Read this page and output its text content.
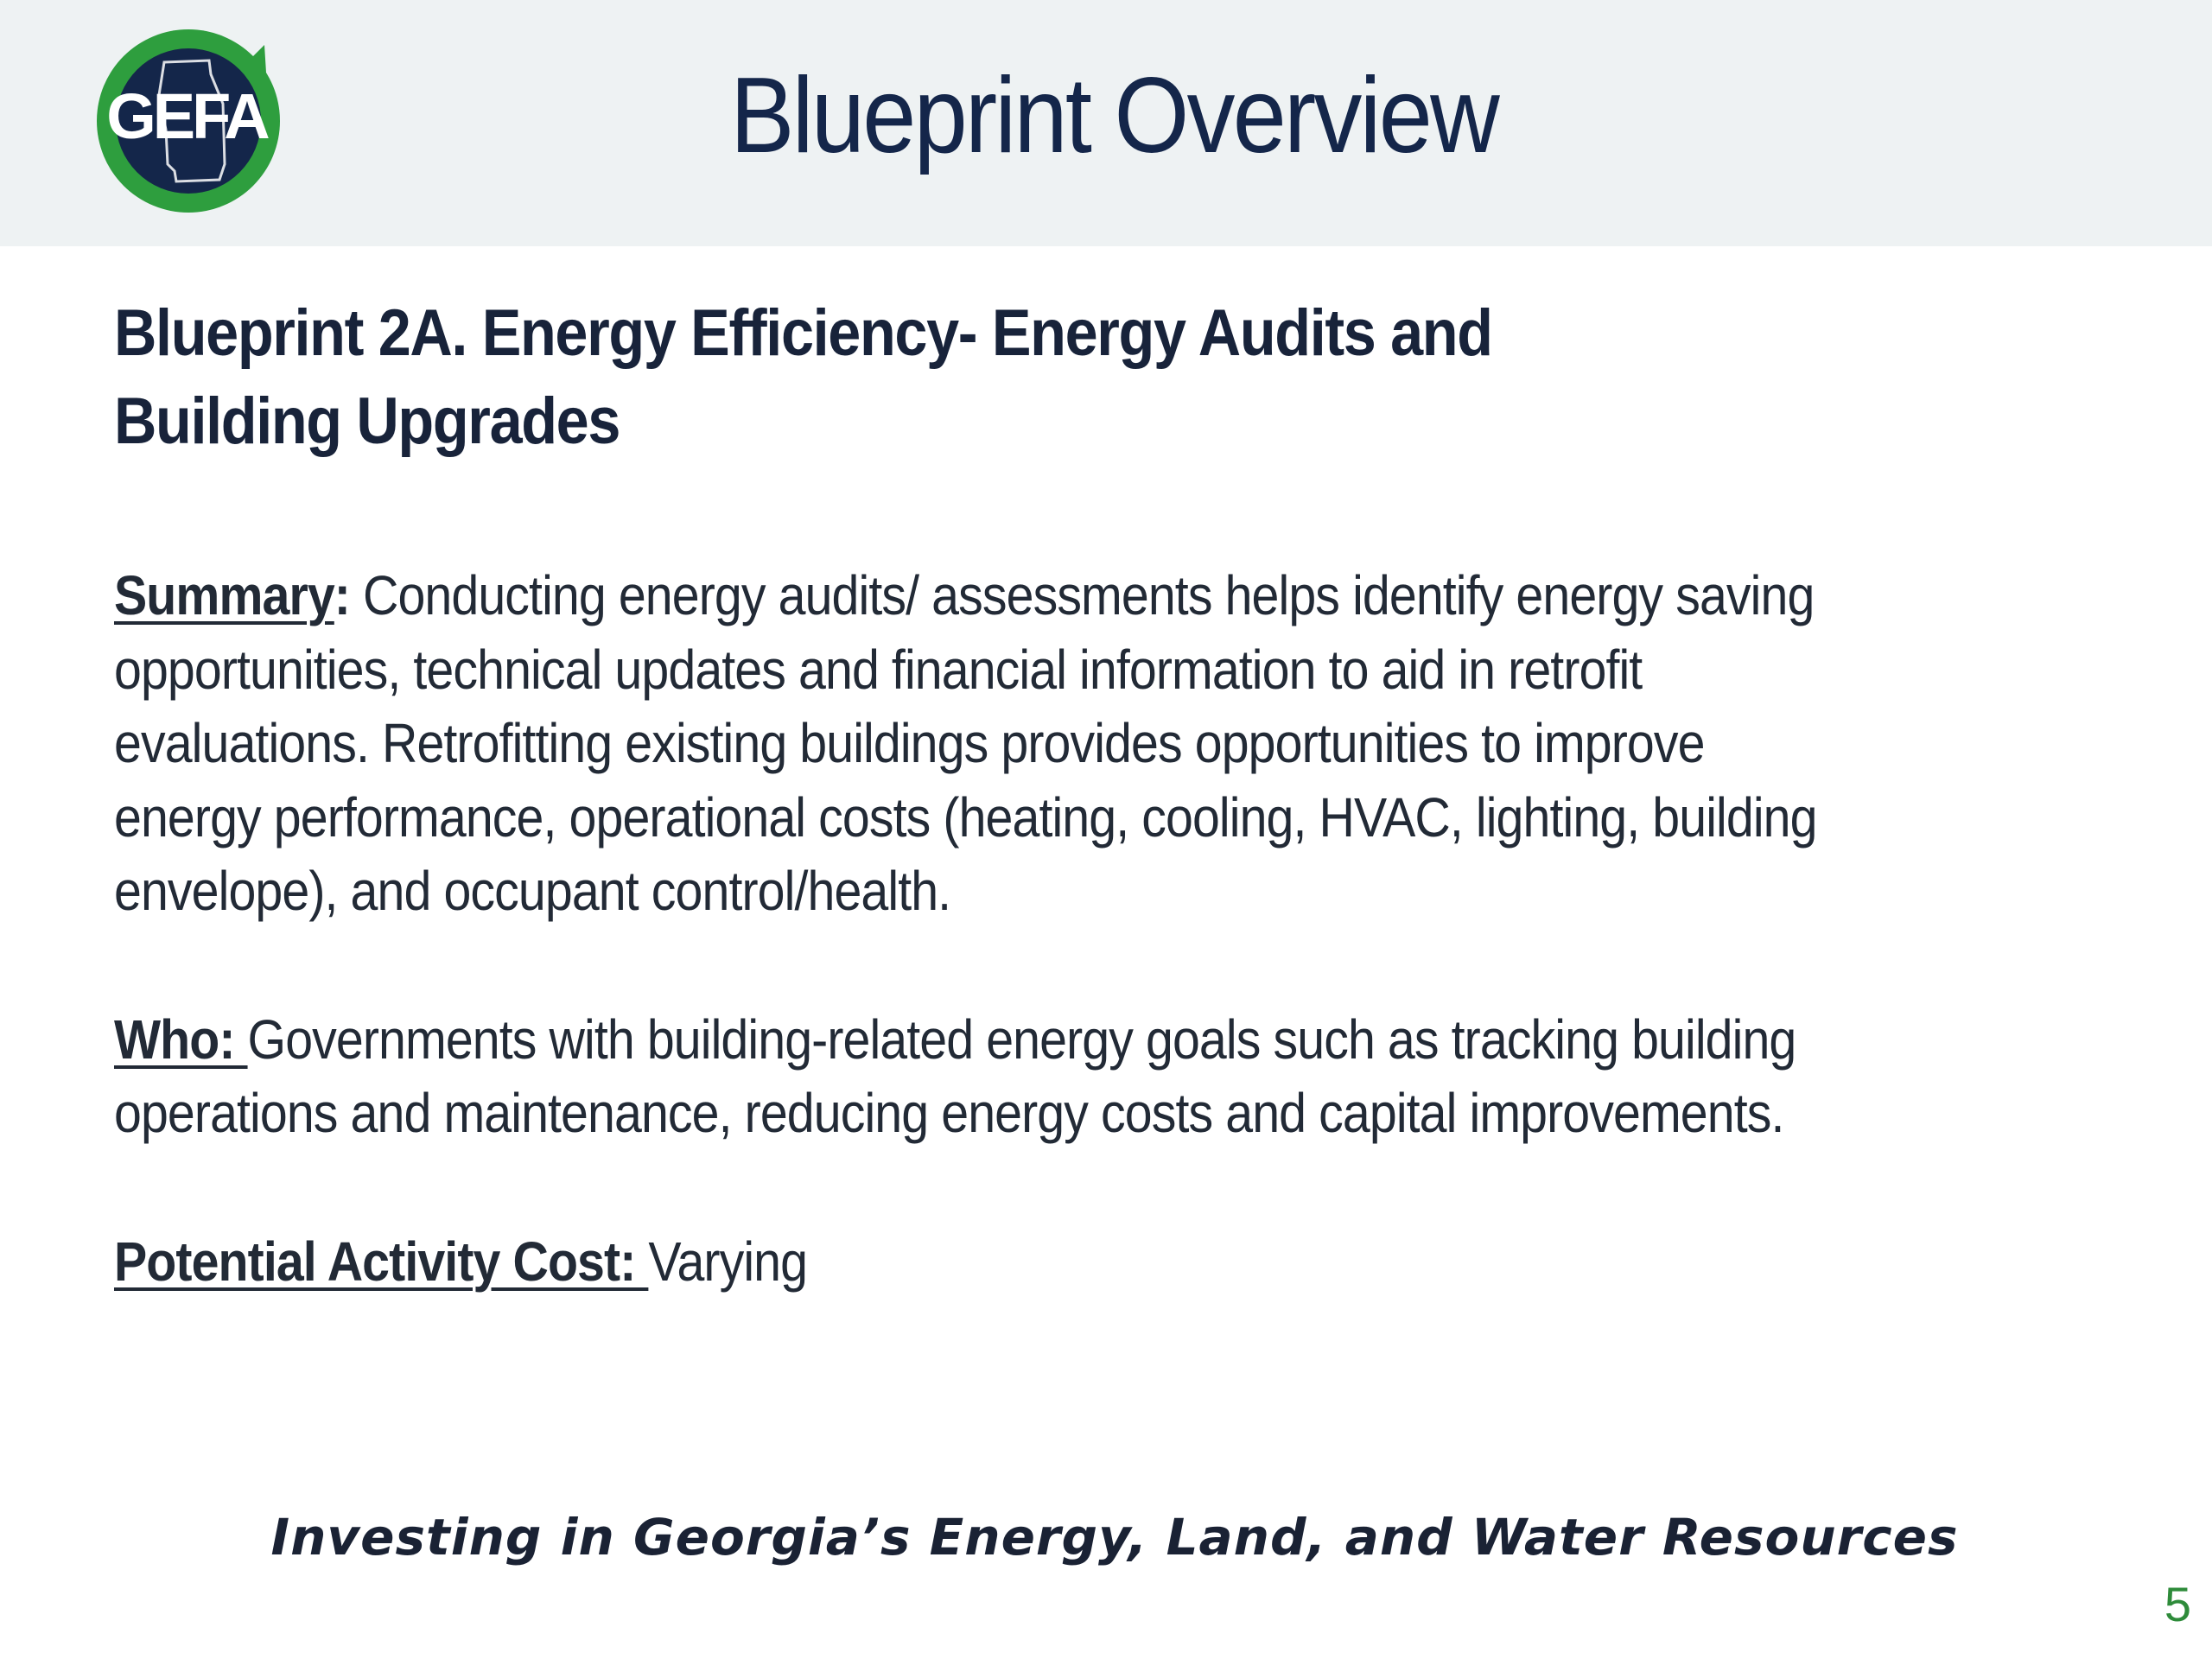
GEFA	Blueprint Overview
Blueprint 2A. Energy Efficiency- Energy Audits and
Building Upgrades
Summary: Conducting energy audits/ assessments helps identify energy saving opportunities, technical updates and financial information to aid in retrofit evaluations. Retrofitting existing buildings provides opportunities to improve energy performance, operational costs (heating, cooling, HVAC, lighting, building envelope), and occupant control/health.
Who: Governments with building-related energy goals such as tracking building operations and maintenance, reducing energy costs and capital improvements.
Potential Activity Cost: Varying
Investing in Georgia’s Energy, Land, and Water Resources
5
